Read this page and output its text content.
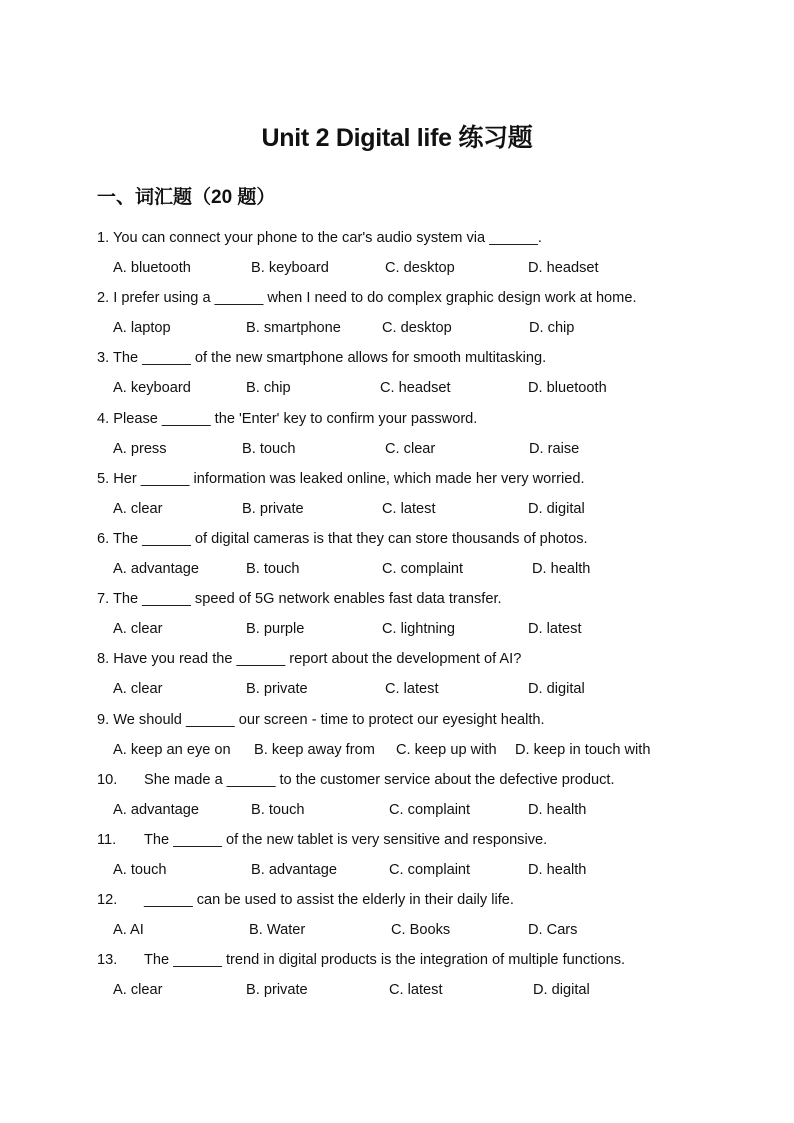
Unit 2 Digital life 练习题
一、词汇题（20 题）
1. You can connect your phone to the car's audio system via ______.
A. bluetooth	B. keyboard	C. desktop	D. headset
2. I prefer using a ______ when I need to do complex graphic design work at home.
A. laptop	B. smartphone	C. desktop	D. chip
3. The ______ of the new smartphone allows for smooth multitasking.
A. keyboard	B. chip	C. headset	D. bluetooth
4. Please ______ the 'Enter' key to confirm your password.
A. press	B. touch	C. clear	D. raise
5. Her ______ information was leaked online, which made her very worried.
A. clear	B. private	C. latest	D. digital
6. The ______ of digital cameras is that they can store thousands of photos.
A. advantage	B. touch	C. complaint	D. health
7. The ______ speed of 5G network enables fast data transfer.
A. clear	B. purple	C. lightning	D. latest
8. Have you read the ______ report about the development of AI?
A. clear	B. private	C. latest	D. digital
9. We should ______ our screen - time to protect our eyesight health.
A. keep an eye on B. keep away from C. keep up with D. keep in touch with
10. She made a ______ to the customer service about the defective product.
A. advantage	B. touch	C. complaint	D. health
11. The ______ of the new tablet is very sensitive and responsive.
A. touch	B. advantage	C. complaint	D. health
12. ______ can be used to assist the elderly in their daily life.
A. AI	B. Water	C. Books	D. Cars
13. The ______ trend in digital products is the integration of multiple functions.
A. clear	B. private	C. latest	D. digital
